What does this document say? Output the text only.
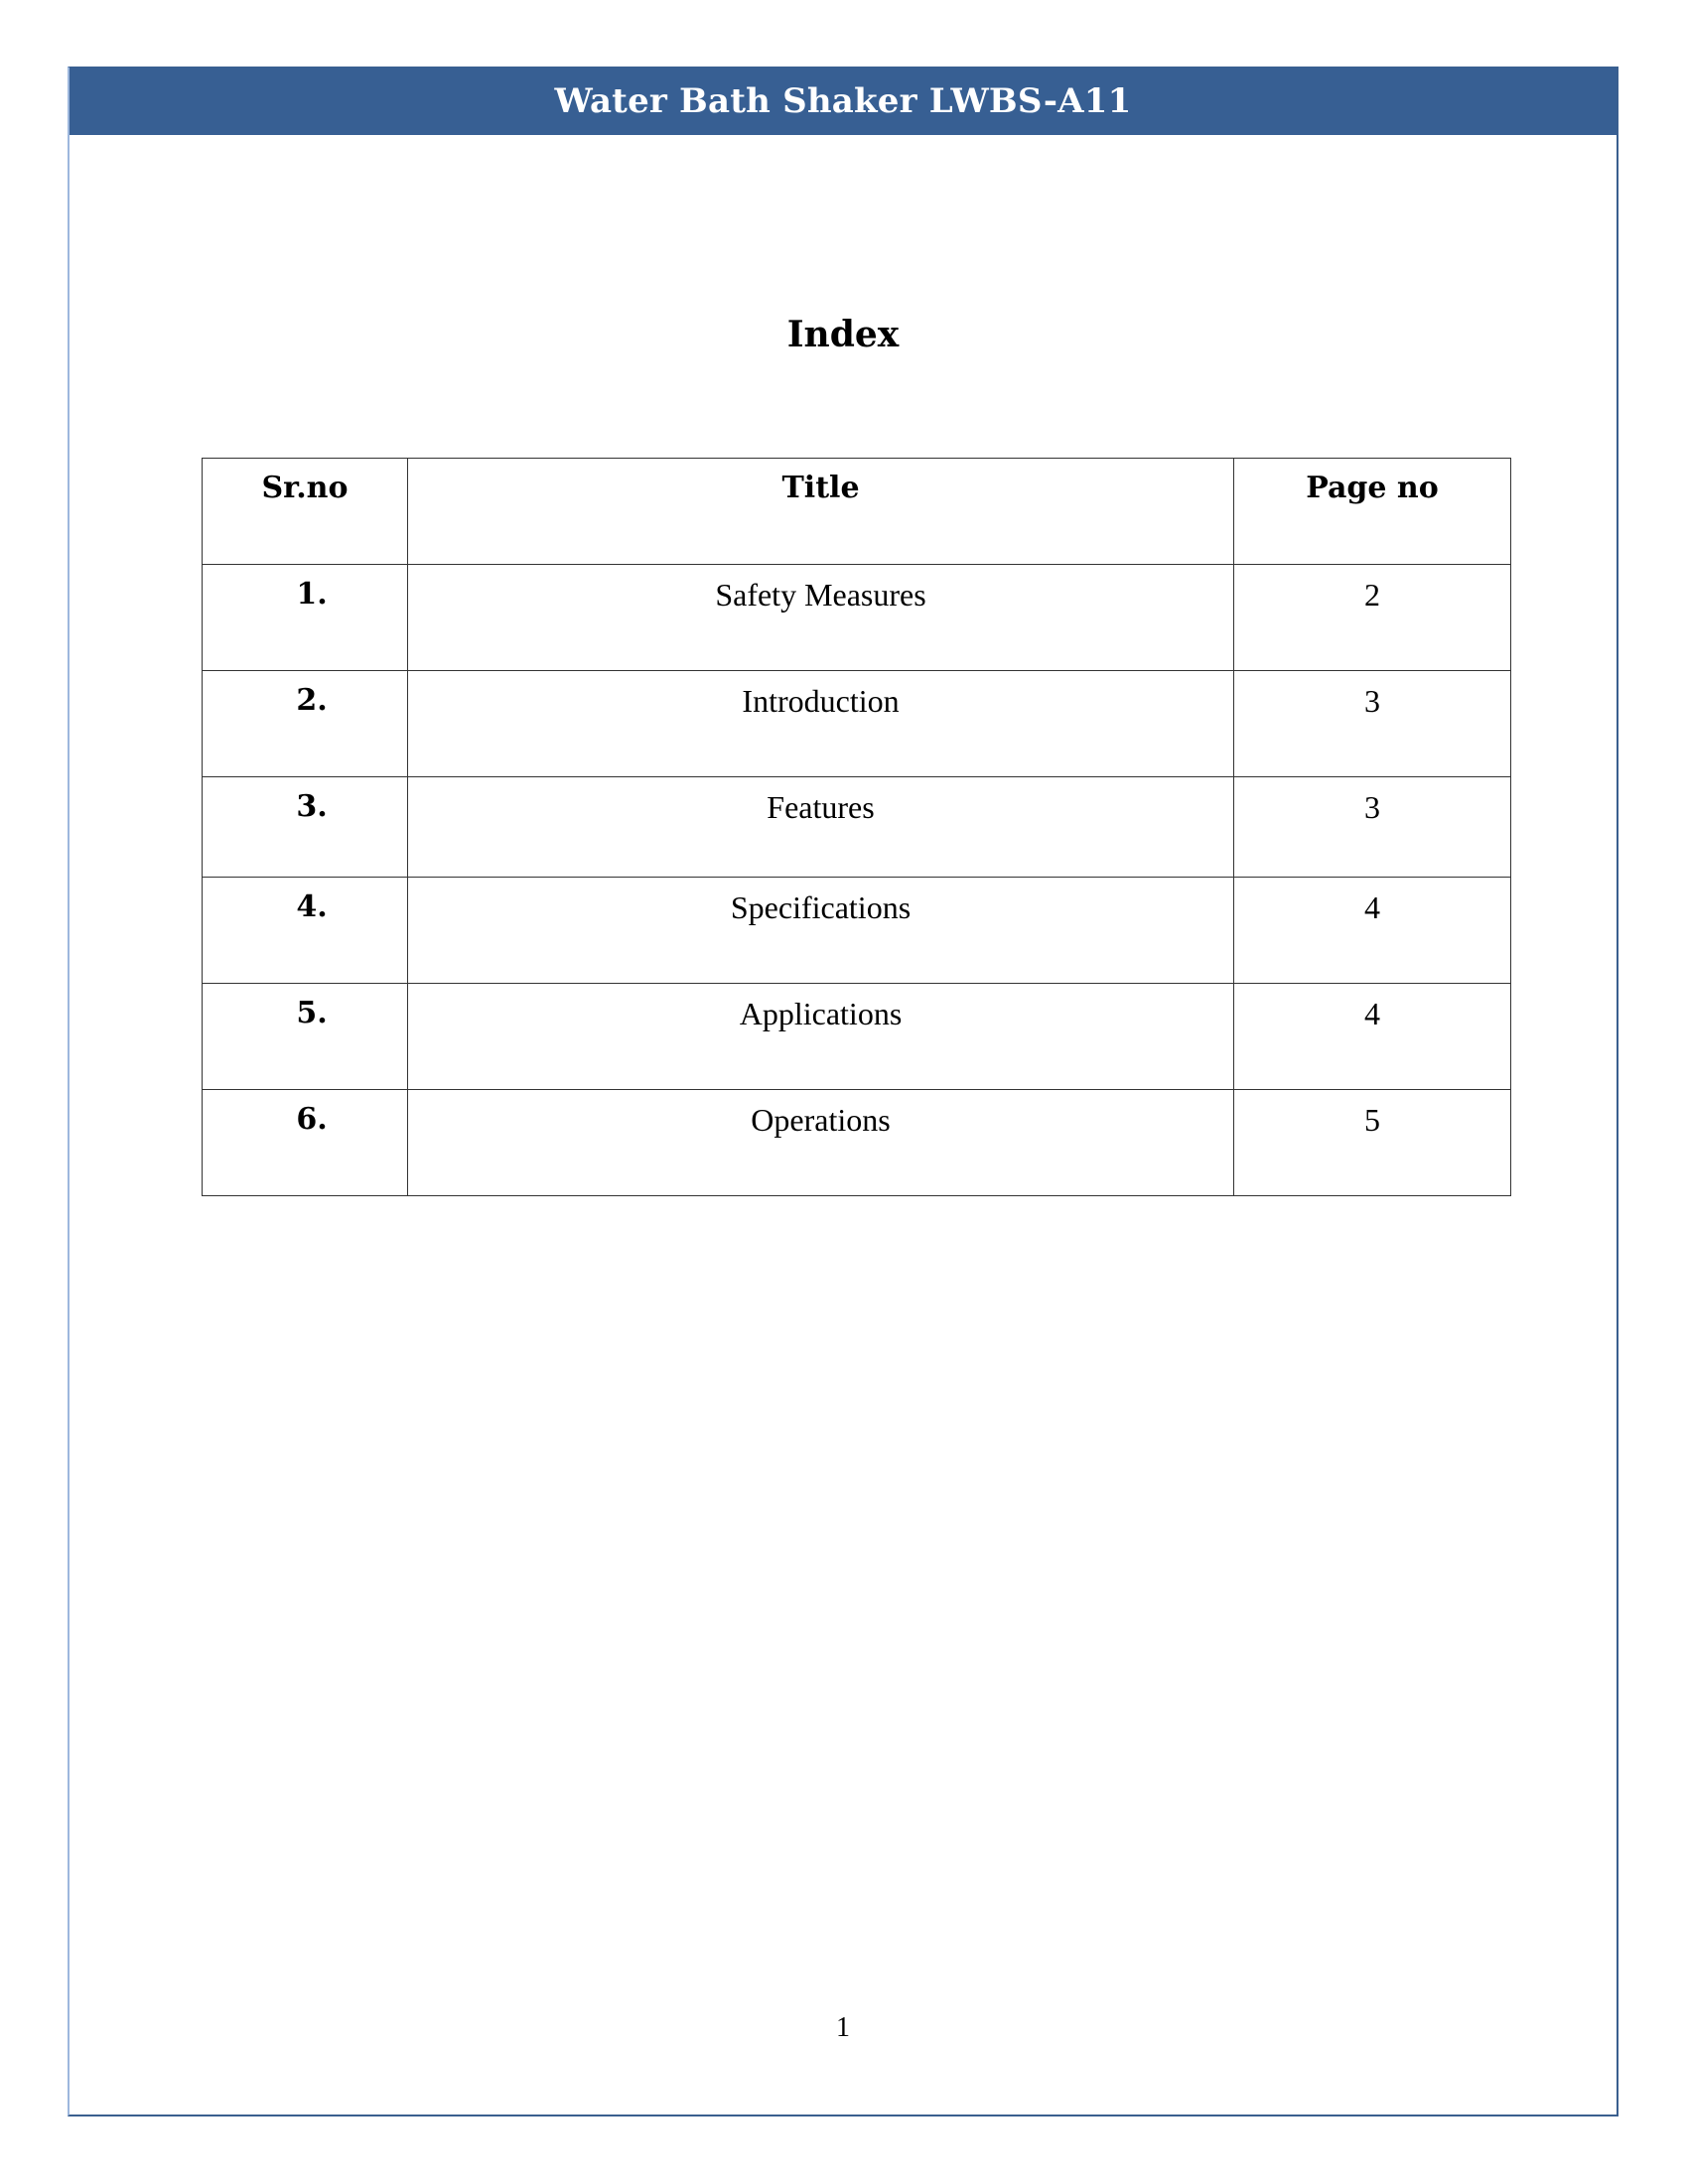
Water Bath Shaker LWBS-A11
Index
Sr.no	Title	Page no
1.	Safety Measures	2
2.	Introduction	3
3.	Features	3
4.	Specifications	4
5.	Applications	4
6.	Operations	5
1
